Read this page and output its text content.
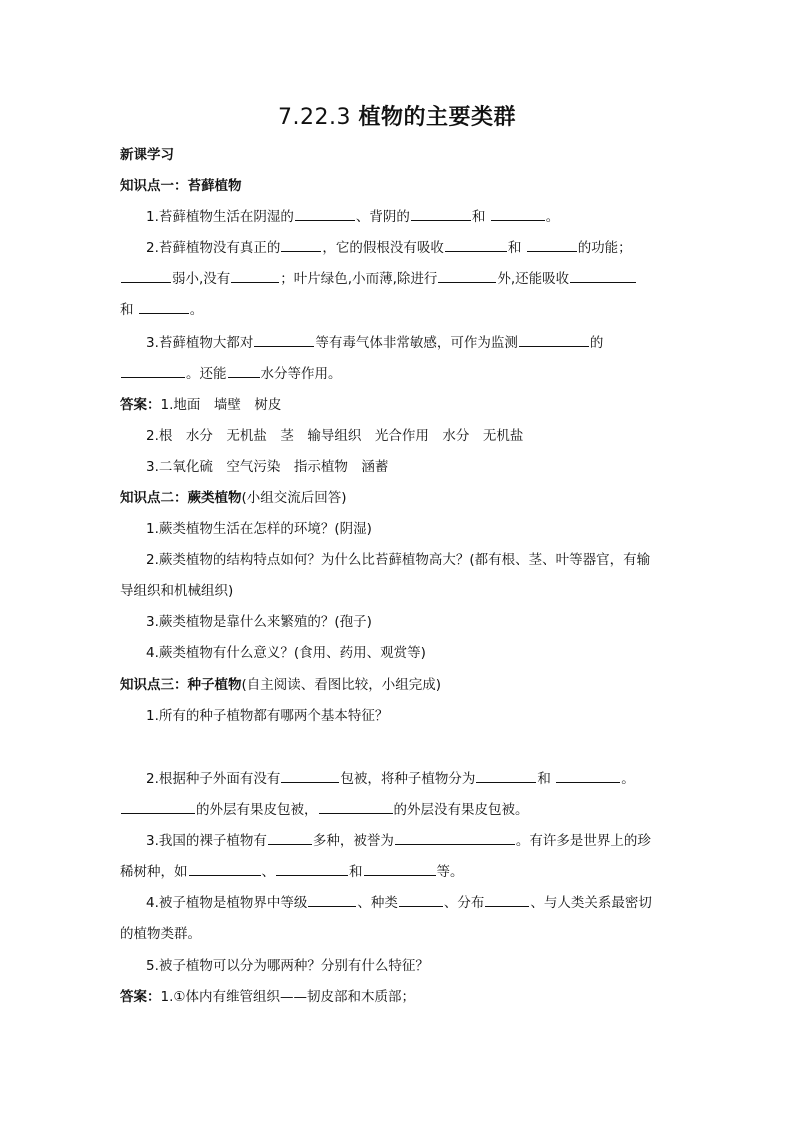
7.22.3 植物的主要类群
新课学习
知识点一：苔藓植物
1.苔藓植物生活在阴湿的	、背阴的	和	。
2.苔藓植物没有真正的	，它的假根没有吸收	和	的功能；
弱小,没有	；叶片绿色,小而薄,除进行	外,还能吸收
和	。
3.苔藓植物大都对	等有毒气体非常敏感，可作为监测	的
。还能	水分等作用。
答案：1.地面　墙壁　树皮
2.根　水分　无机盐　茎　输导组织　光合作用　水分　无机盐
3.二氧化硫　空气污染　指示植物　涵蓄
知识点二：蕨类植物(小组交流后回答)
1.蕨类植物生活在怎样的环境？(阴湿)
2.蕨类植物的结构特点如何？为什么比苔藓植物高大？(都有根、茎、叶等器官，有输
导组织和机械组织)
3.蕨类植物是靠什么来繁殖的？(孢子)
4.蕨类植物有什么意义？(食用、药用、观赏等)
知识点三：种子植物(自主阅读、看图比较，小组完成)
1.所有的种子植物都有哪两个基本特征？
2.根据种子外面有没有	包被，将种子植物分为	和	。
的外层有果皮包被，	的外层没有果皮包被。
3.我国的裸子植物有	多种，被誉为	。有许多是世界上的珍
稀树种，如	、	和	等。
4.被子植物是植物界中等级	、种类	、分布	、与人类关系最密切
的植物类群。
5.被子植物可以分为哪两种？分别有什么特征？
答案：1.①体内有维管组织——韧皮部和木质部；
